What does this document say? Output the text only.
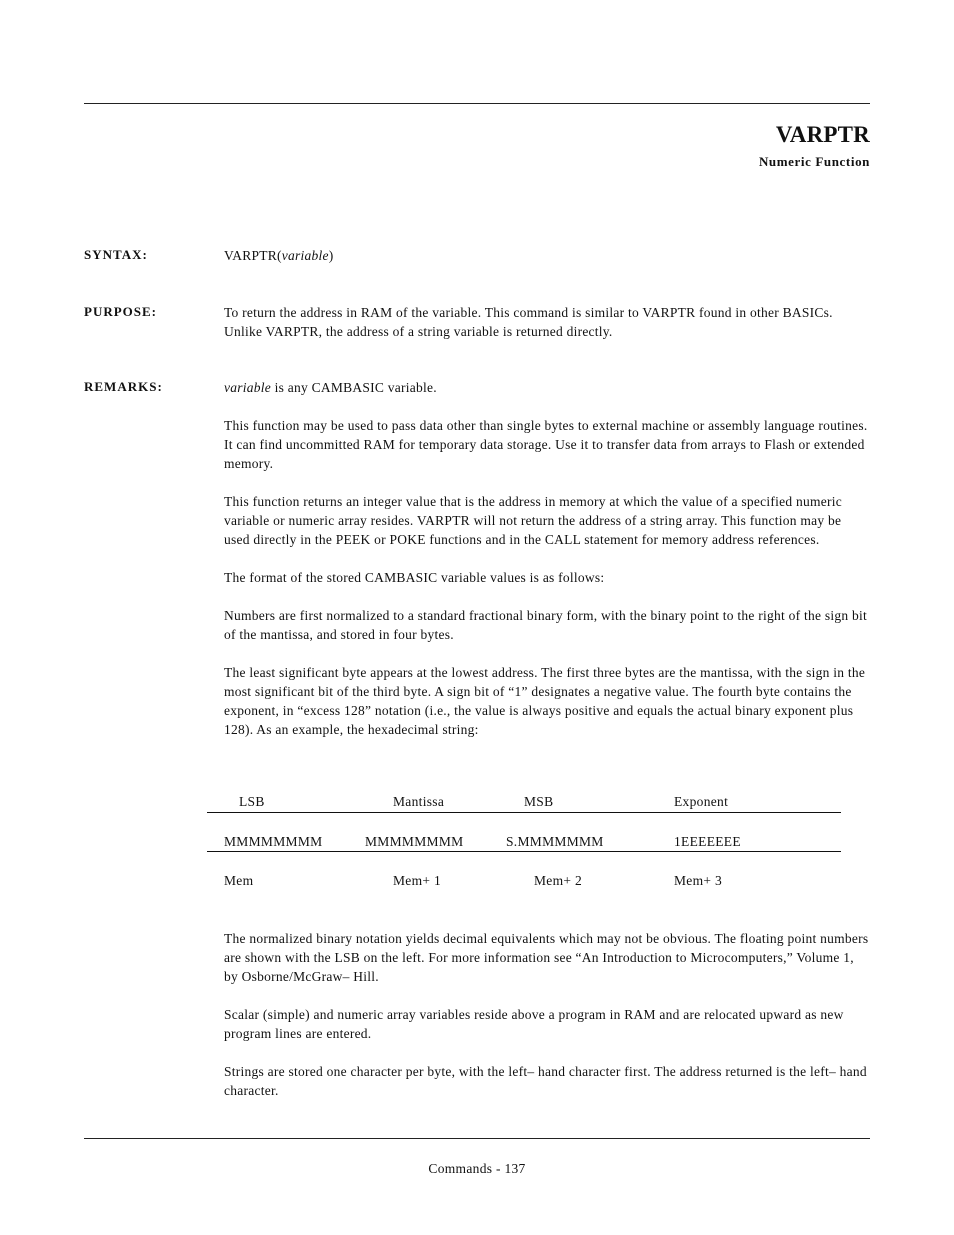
VARPTR
Numeric Function
SYNTAX:	VARPTR(variable)
PURPOSE:	To return the address in RAM of the variable. This command is similar to VARPTR found in other BASICs. Unlike VARPTR, the address of a string variable is returned directly.

REMARKS:	variable is any CAMBASIC variable.

This function may be used to pass data other than single bytes to external machine or assembly language routines. It can find uncommitted RAM for temporary data storage. Use it to transfer data from arrays to Flash or extended memory.

This function returns an integer value that is the address in memory at which the value of a specified numeric variable or numeric array resides. VARPTR will not return the address of a string array. This function may be used directly in the PEEK or POKE functions and in the CALL statement for memory address references.

The format of the stored CAMBASIC variable values is as follows:

Numbers are first normalized to a standard fractional binary form, with the binary point to the right of the sign bit of the mantissa, and stored in four bytes.

The least significant byte appears at the lowest address. The first three bytes are the mantissa, with the sign in the most significant bit of the third byte. A sign bit of “1” designates a negative value. The fourth byte contains the exponent, in “excess 128” notation (i.e., the value is always positive and equals the actual binary exponent plus 128). As an example, the hexadecimal string:

LSB	Mantissa	MSB	Exponent
MMMMMMMM	MMMMMMMM	S.MMMMMMM	1EEEEEEE
Mem	Mem+ 1	Mem+ 2	Mem+ 3

The normalized binary notation yields decimal equivalents which may not be obvious. The floating point numbers are shown with the LSB on the left. For more information see “An Introduction to Microcomputers,” Volume 1, by Osborne/McGraw– Hill.

Scalar (simple) and numeric array variables reside above a program in RAM and are relocated upward as new program lines are entered.

Strings are stored one character per byte, with the left– hand character first. The address returned is the left– hand character.

Commands - 137
